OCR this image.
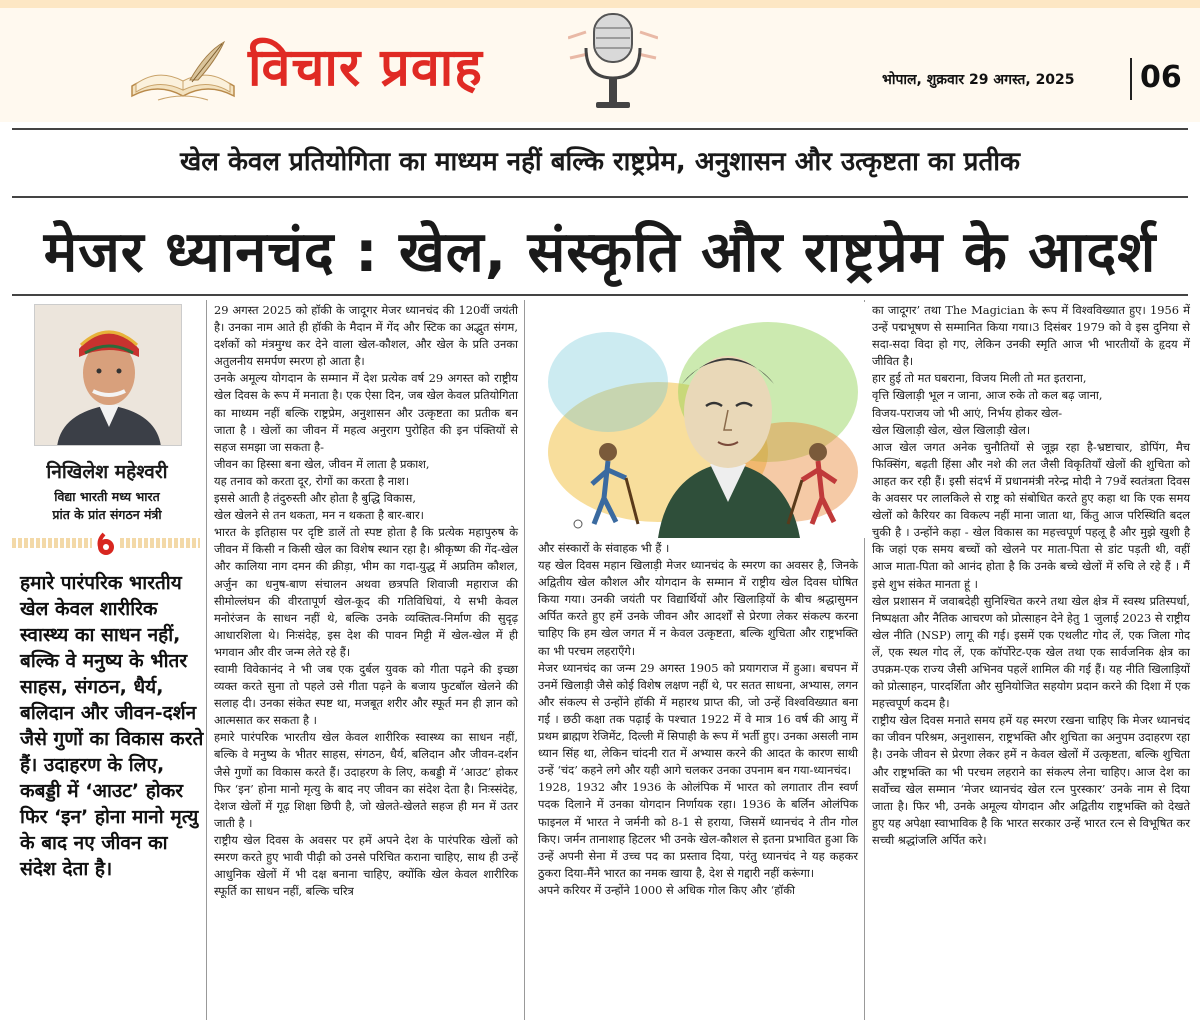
विचार प्रवाह	भोपाल, शुक्रवार 29 अगस्त, 2025 06
खेल केवल प्रतियोगिता का माध्यम नहीं बल्कि राष्ट्रप्रेम, अनुशासन और उत्कृष्टता का प्रतीक
मेजर ध्यानचंद : खेल, संस्कृति और राष्ट्रप्रेम के आदर्श
निखिलेश महेश्वरी
विद्या भारती मध्य भारत
प्रांत के प्रांत संगठन मंत्री
हमारे पारंपरिक भारतीय खेल केवल शारीरिक स्वास्थ्य का साधन नहीं, बल्कि वे मनुष्य के भीतर साहस, संगठन, धैर्य, बलिदान और जीवन-दर्शन जैसे गुणों का विकास करते हैं। उदाहरण के लिए, कबड्डी में ‘आउट’ होकर फिर ‘इन’ होना मानो मृत्यु के बाद नए जीवन का संदेश देता है।

29 अगस्त 2025 को हॉकी के जादूगर मेजर ध्यानचंद की 120वीं जयंती है। उनका नाम आते ही हॉकी के मैदान में गेंद और स्टिक का अद्भुत संगम, दर्शकों को मंत्रमुग्ध कर देने वाला खेल-कौशल, और खेल के प्रति उनका अतुलनीय समर्पण स्मरण हो आता है।

उनके अमूल्य योगदान के सम्मान में देश प्रत्येक वर्ष 29 अगस्त को राष्ट्रीय खेल दिवस के रूप में मनाता है। एक ऐसा दिन, जब खेल केवल प्रतियोगिता का माध्यम नहीं बल्कि राष्ट्रप्रेम, अनुशासन और उत्कृष्टता का प्रतीक बन जाता है । खेलों का जीवन में महत्व अनुराग पुरोहित की इन पंक्तियों से सहज समझा जा सकता है-

जीवन का हिस्सा बना खेल, जीवन में लाता है प्रकाश,
यह तनाव को करता दूर, रोगों का करता है नाश।
इससे आती है तंदुरुस्ती और होता है बुद्धि विकास,
खेल खेलने से तन थकता, मन न थकता है बार-बार।

भारत के इतिहास पर दृष्टि डालें तो स्पष्ट होता है कि प्रत्येक महापुरुष के जीवन में किसी न किसी खेल का विशेष स्थान रहा है। श्रीकृष्ण की गेंद-खेल और कालिया नाग दमन की क्रीड़ा, भीम का गदा-युद्ध में अप्रतिम कौशल, अर्जुन का धनुष-बाण संचालन अथवा छत्रपति शिवाजी महाराज की सीमोल्लंघन की वीरतापूर्ण खेल-कूद की गतिविधियां, ये सभी केवल मनोरंजन के साधन नहीं थे, बल्कि उनके व्यक्तित्व-निर्माण की सुदृढ़ आधारशिला थे। निःसंदेह, इस देश की पावन मिट्टी में खेल-खेल में ही भगवान और वीर जन्म लेते रहे हैं।

स्वामी विवेकानंद ने भी जब एक दुर्बल युवक को गीता पढ़ने की इच्छा व्यक्त करते सुना तो पहले उसे गीता पढ़ने के बजाय फुटबॉल खेलने की सलाह दी। उनका संकेत स्पष्ट था, मजबूत शरीर और स्फूर्त मन ही ज्ञान को आत्मसात कर सकता है ।

हमारे पारंपरिक भारतीय खेल केवल शारीरिक स्वास्थ्य का साधन नहीं, बल्कि वे मनुष्य के भीतर साहस, संगठन, धैर्य, बलिदान और जीवन-दर्शन जैसे गुणों का विकास करते हैं। उदाहरण के लिए, कबड्डी में ‘आउट’ होकर फिर ‘इन’ होना मानो मृत्यु के बाद नए जीवन का संदेश देता है। निःस्संदेह, देशज खेलों में गूढ़ शिक्षा छिपी है, जो खेलते-खेलते सहज ही मन में उतर जाती है ।

राष्ट्रीय खेल दिवस के अवसर पर हमें अपने देश के पारंपरिक खेलों को स्मरण करते हुए भावी पीढ़ी को उनसे परिचित कराना चाहिए, साथ ही उन्हें आधुनिक खेलों में भी दक्ष बनाना चाहिए, क्योंकि खेल केवल शारीरिक स्फूर्ति का साधन नहीं, बल्कि चरित्र

और संस्कारों के संवाहक भी हैं ।

यह खेल दिवस महान खिलाड़ी मेजर ध्यानचंद के स्मरण का अवसर है, जिनके अद्वितीय खेल कौशल और योगदान के सम्मान में राष्ट्रीय खेल दिवस घोषित किया गया। उनकी जयंती पर विद्यार्थियों और खिलाड़ियों के बीच श्रद्धासुमन अर्पित करते हुए हमें उनके जीवन और आदर्शों से प्रेरणा लेकर संकल्प करना चाहिए कि हम खेल जगत में न केवल उत्कृष्टता, बल्कि शुचिता और राष्ट्रभक्ति का भी परचम लहराएँगे।

मेजर ध्यानचंद का जन्म 29 अगस्त 1905 को प्रयागराज में हुआ। बचपन में उनमें खिलाड़ी जैसे कोई विशेष लक्षण नहीं थे, पर सतत साधना, अभ्यास, लगन और संकल्प से उन्होंने हॉकी में महारथ प्राप्त की, जो उन्हें विश्वविख्यात बना गई । छठी कक्षा तक पढ़ाई के पश्चात 1922 में वे मात्र 16 वर्ष की आयु में प्रथम ब्राह्मण रेजिमेंट, दिल्ली में सिपाही के रूप में भर्ती हुए। उनका असली नाम ध्यान सिंह था, लेकिन चांदनी रात में अभ्यास करने की आदत के कारण साथी उन्हें ‘चंद’ कहने लगे और यही आगे चलकर उनका उपनाम बन गया-ध्यानचंद।

1928, 1932 और 1936 के ओलंपिक में भारत को लगातार तीन स्वर्ण पदक दिलाने में उनका योगदान निर्णायक रहा। 1936 के बर्लिन ओलंपिक फाइनल में भारत ने जर्मनी को 8-1 से हराया, जिसमें ध्यानचंद ने तीन गोल किए। जर्मन तानाशाह हिटलर भी उनके खेल-कौशल से इतना प्रभावित हुआ कि उन्हें अपनी सेना में उच्च पद का प्रस्ताव दिया, परंतु ध्यानचंद ने यह कहकर ठुकरा दिया-मैंने भारत का नमक खाया है, देश से गद्दारी नहीं करूंगा।

अपने करियर में उन्होंने 1000 से अधिक गोल किए और ‘हॉकी

का जादूगर’ तथा The Magician के रूप में विश्वविख्यात हुए। 1956 में उन्हें पद्मभूषण से सम्मानित किया गया।3 दिसंबर 1979 को वे इस दुनिया से सदा-सदा विदा हो गए, लेकिन उनकी स्मृति आज भी भारतीयों के हृदय में जीवित है।

हार हुई तो मत घबराना, विजय मिली तो मत इतराना,
वृत्ति खिलाड़ी भूल न जाना, आज रुके तो कल बढ़ जाना,
विजय-पराजय जो भी आएं, निर्भय होकर खेल-
खेल खिलाड़ी खेल, खेल खिलाड़ी खेल।

आज खेल जगत अनेक चुनौतियों से जूझ रहा है-भ्रष्टाचार, डोपिंग, मैच फिक्सिंग, बढ़ती हिंसा और नशे की लत जैसी विकृतियाँ खेलों की शुचिता को आहत कर रही हैं। इसी संदर्भ में प्रधानमंत्री नरेन्द्र मोदी ने 79वें स्वतंत्रता दिवस के अवसर पर लालकिले से राष्ट्र को संबोधित करते हुए कहा था कि एक समय खेलों को कैरियर का विकल्प नहीं माना जाता था, किंतु आज परिस्थिति बदल चुकी है । उन्होंने कहा - खेल विकास का महत्त्वपूर्ण पहलू है और मुझे खुशी है कि जहां एक समय बच्चों को खेलने पर माता-पिता से डांट पड़ती थी, वहीं आज माता-पिता को आनंद होता है कि उनके बच्चे खेलों में रुचि ले रहे हैं । मैं इसे शुभ संकेत मानता हूं ।

खेल प्रशासन में जवाबदेही सुनिश्चित करने तथा खेल क्षेत्र में स्वस्थ प्रतिस्पर्धा, निष्पक्षता और नैतिक आचरण को प्रोत्साहन देने हेतु 1 जुलाई 2023 से राष्ट्रीय खेल नीति (NSP) लागू की गई। इसमें एक एथलीट गोद लें, एक जिला गोद लें, एक स्थल गोद लें, एक कॉर्पोरेट-एक खेल तथा एक सार्वजनिक क्षेत्र का उपक्रम-एक राज्य जैसी अभिनव पहलें शामिल की गई हैं। यह नीति खिलाड़ियों को प्रोत्साहन, पारदर्शिता और सुनियोजित सहयोग प्रदान करने की दिशा में एक महत्त्वपूर्ण कदम है।

राष्ट्रीय खेल दिवस मनाते समय हमें यह स्मरण रखना चाहिए कि मेजर ध्यानचंद का जीवन परिश्रम, अनुशासन, राष्ट्रभक्ति और शुचिता का अनुपम उदाहरण रहा है। उनके जीवन से प्रेरणा लेकर हमें न केवल खेलों में उत्कृष्टता, बल्कि शुचिता और राष्ट्रभक्ति का भी परचम लहराने का संकल्प लेना चाहिए। आज देश का सर्वोच्च खेल सम्मान ‘मेजर ध्यानचंद खेल रत्न पुरस्कार’ उनके नाम से दिया जाता है। फिर भी, उनके अमूल्य योगदान और अद्वितीय राष्ट्रभक्ति को देखते हुए यह अपेक्षा स्वाभाविक है कि भारत सरकार उन्हें भारत रत्न से विभूषित कर सच्ची श्रद्धांजलि अर्पित करे।
